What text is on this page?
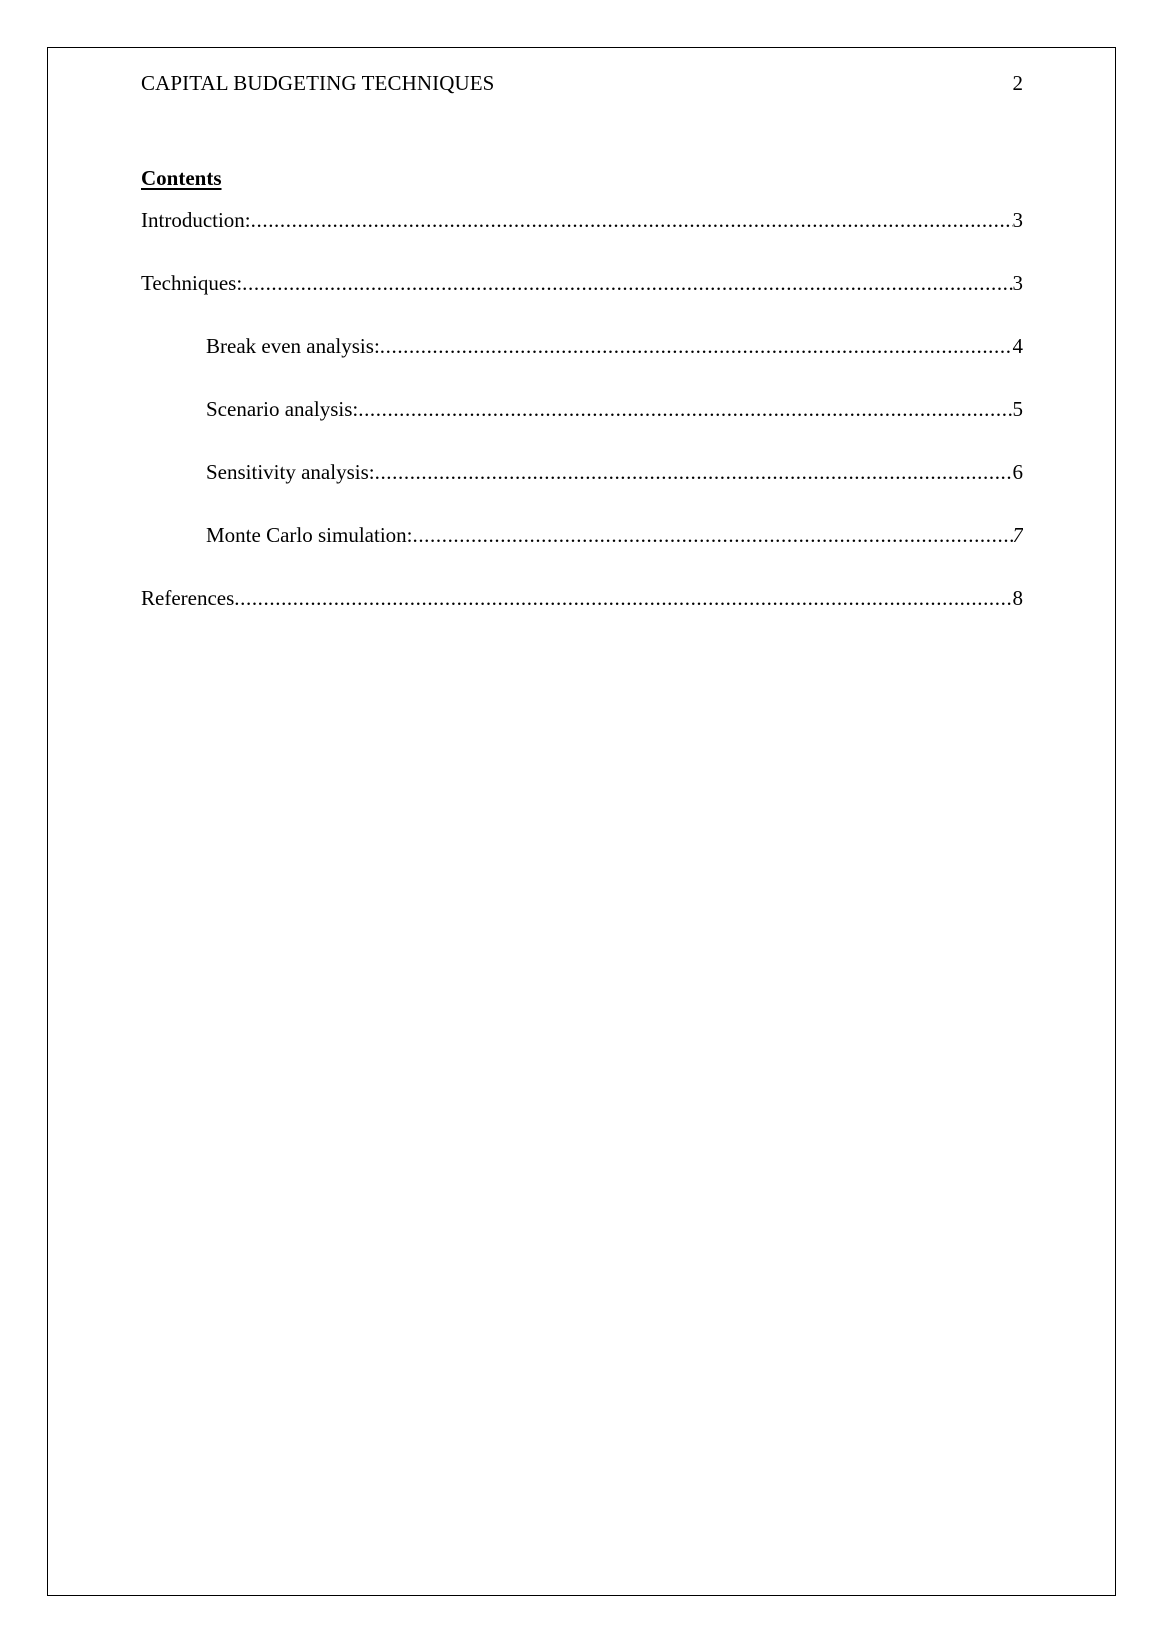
CAPITAL BUDGETING TECHNIQUES	2
Contents
Introduction: .....	3
Techniques: .....	3
Break even analysis: .....	4
Scenario analysis: .....	5
Sensitivity analysis: .....	6
Monte Carlo simulation: .....	7
References .....	8
